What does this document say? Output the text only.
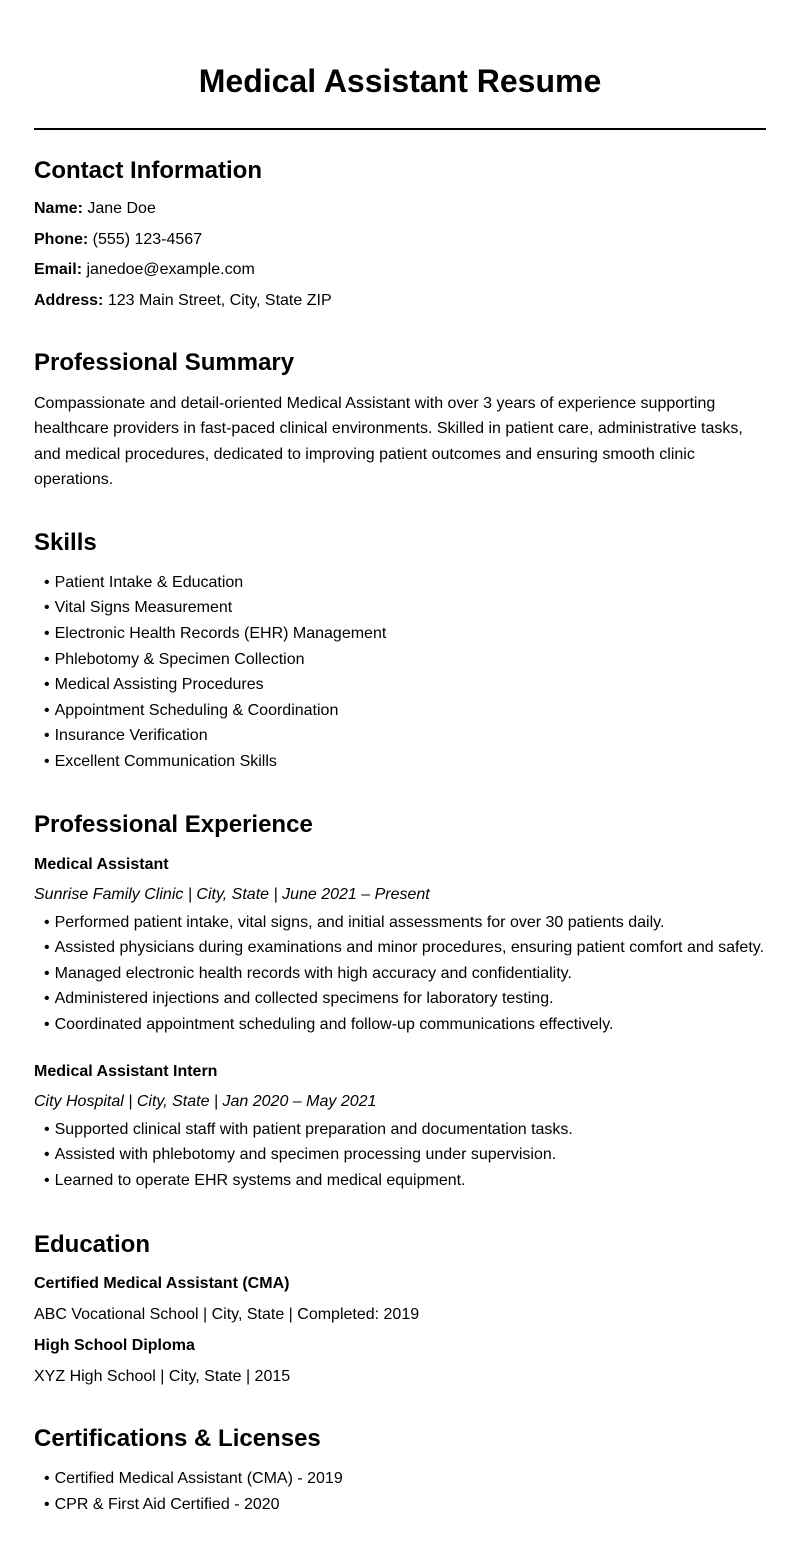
Medical Assistant Resume
Contact Information
Name: Jane Doe
Phone: (555) 123-4567
Email: janedoe@example.com
Address: 123 Main Street, City, State ZIP
Professional Summary

Compassionate and detail-oriented Medical Assistant with over 3 years of experience supporting healthcare providers in fast-paced clinical environments. Skilled in patient care, administrative tasks, and medical procedures, dedicated to improving patient outcomes and ensuring smooth clinic operations.

Skills
• Patient Intake & Education
• Vital Signs Measurement
• Electronic Health Records (EHR) Management
• Phlebotomy & Specimen Collection
• Medical Assisting Procedures
• Appointment Scheduling & Coordination
• Insurance Verification
• Excellent Communication Skills
Professional Experience
Medical Assistant
Sunrise Family Clinic | City, State | June 2021 – Present
• Performed patient intake, vital signs, and initial assessments for over 30 patients daily.
• Assisted physicians during examinations and minor procedures, ensuring patient comfort and safety.
• Managed electronic health records with high accuracy and confidentiality.
• Administered injections and collected specimens for laboratory testing.
• Coordinated appointment scheduling and follow-up communications effectively.
Medical Assistant Intern
City Hospital | City, State | Jan 2020 – May 2021
• Supported clinical staff with patient preparation and documentation tasks.
• Assisted with phlebotomy and specimen processing under supervision.
• Learned to operate EHR systems and medical equipment.
Education
Certified Medical Assistant (CMA)
ABC Vocational School | City, State | Completed: 2019
High School Diploma
XYZ High School | City, State | 2015
Certifications & Licenses
• Certified Medical Assistant (CMA) - 2019
• CPR & First Aid Certified - 2020
